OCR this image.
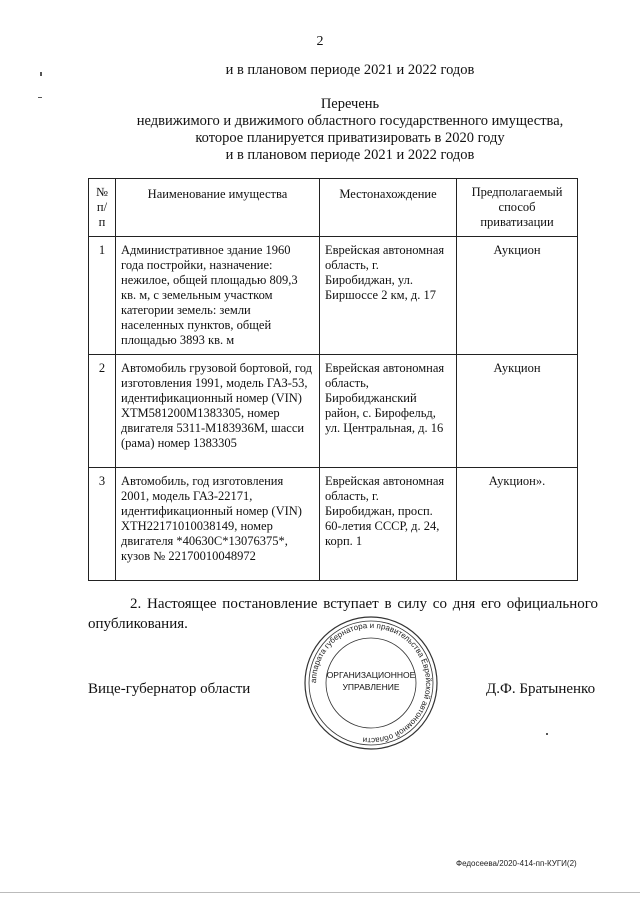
2
и в плановом периоде 2021 и 2022 годов
Перечень
недвижимого и движимого областного государственного имущества,
которое планируется приватизировать в 2020 году
и в плановом периоде 2021 и 2022 годов
№ п/п	Наименование имущества	Местонахождение	Предполагаемый способ приватизации
1	Административное здание 1960 года постройки, назначение: нежилое, общей площадью 809,3 кв. м, с земельным участком категории земель: земли населенных пунктов, общей площадью 3893 кв. м	Еврейская автономная область, г. Биробиджан, ул. Биршоссе 2 км, д. 17	Аукцион
2	Автомобиль грузовой бортовой, год изготовления 1991, модель ГАЗ-53, идентификационный номер (VIN) ХТМ581200М1383305, номер двигателя 5311-М183936М, шасси (рама) номер 1383305	Еврейская автономная область, Биробиджанский район, с. Бирофельд, ул. Центральная, д. 16	Аукцион
3	Автомобиль, год изготовления 2001, модель ГАЗ-22171, идентификационный номер (VIN) ХТН22171010038149, номер двигателя *40630С*13076375*, кузов № 22170010048972	Еврейская автономная область, г. Биробиджан, просп. 60-летия СССР, д. 24, корп. 1	Аукцион».
2. Настоящее постановление вступает в силу со дня его официального опубликования.
Вице-губернатор области	Д.Ф. Братыненко
аппарата губернатора и правительства Еврейской автономной области
ОРГАНИЗАЦИОННОЕ
УПРАВЛЕНИЕ
Федосеева/2020-414-пп-КУГИ(2)
